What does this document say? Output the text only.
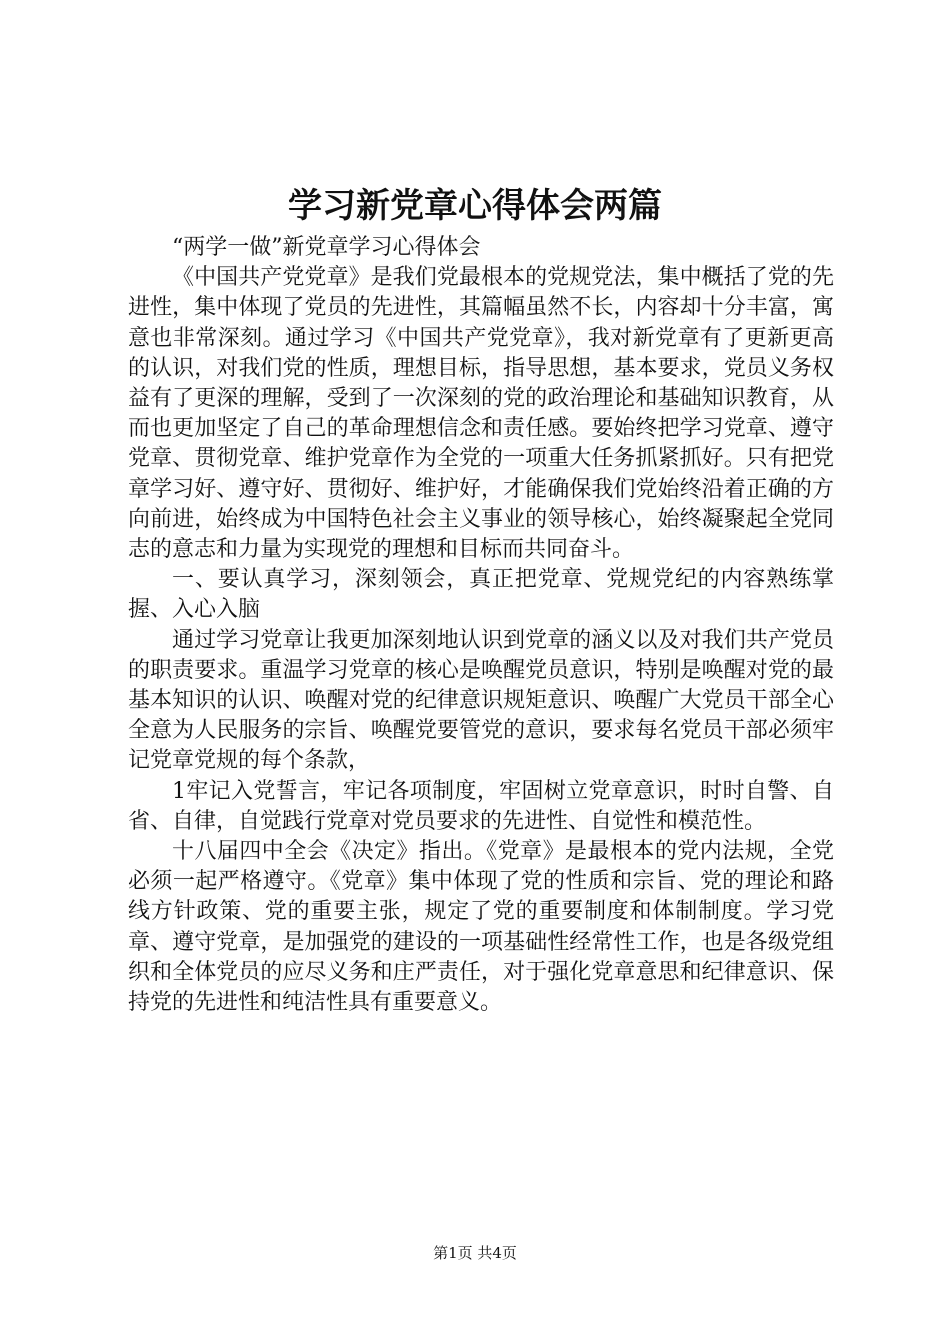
学习新党章心得体会两篇

“两学一做”新党章学习心得体会

《中国共产党党章》是我们党最根本的党规党法，集中概括了党的先进性，集中体现了党员的先进性，其篇幅虽然不长，内容却十分丰富，寓意也非常深刻。通过学习《中国共产党党章》，我对新党章有了更新更高的认识，对我们党的性质，理想目标，指导思想，基本要求，党员义务权益有了更深的理解，受到了一次深刻的党的政治理论和基础知识教育，从而也更加坚定了自己的革命理想信念和责任感。要始终把学习党章、遵守党章、贯彻党章、维护党章作为全党的一项重大任务抓紧抓好。只有把党章学习好、遵守好、贯彻好、维护好，才能确保我们党始终沿着正确的方向前进，始终成为中国特色社会主义事业的领导核心，始终凝聚起全党同志的意志和力量为实现党的理想和目标而共同奋斗。

一、要认真学习，深刻领会，真正把党章、党规党纪的内容熟练掌握、入心入脑

通过学习党章让我更加深刻地认识到党章的涵义以及对我们共产党员的职责要求。重温学习党章的核心是唤醒党员意识，特别是唤醒对党的最基本知识的认识、唤醒对党的纪律意识规矩意识、唤醒广大党员干部全心全意为人民服务的宗旨、唤醒党要管党的意识，要求每名党员干部必须牢记党章党规的每个条款，

1牢记入党誓言，牢记各项制度，牢固树立党章意识，时时自警、自省、自律，自觉践行党章对党员要求的先进性、自觉性和模范性。

十八届四中全会《决定》指出。《党章》是最根本的党内法规，全党必须一起严格遵守。《党章》集中体现了党的性质和宗旨、党的理论和路线方针政策、党的重要主张，规定了党的重要制度和体制制度。学习党章、遵守党章，是加强党的建设的一项基础性经常性工作，也是各级党组织和全体党员的应尽义务和庄严责任，对于强化党章意思和纪律意识、保持党的先进性和纯洁性具有重要意义。

第1页 共4页
